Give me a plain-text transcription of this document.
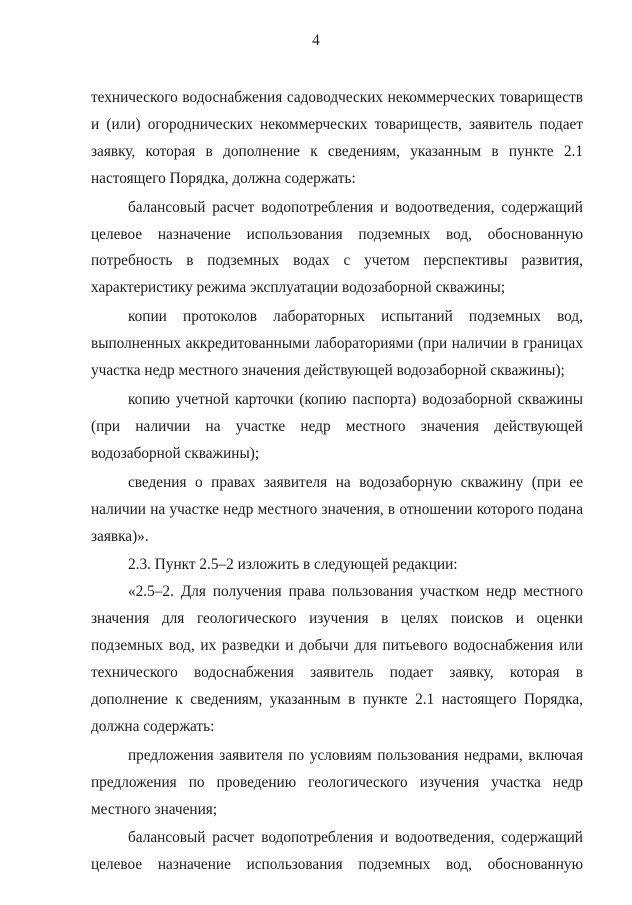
4

технического водоснабжения садоводческих некоммерческих товариществ и (или) огороднических некоммерческих товариществ, заявитель подает заявку, которая в дополнение к сведениям, указанным в пункте 2.1 настоящего Порядка, должна содержать:

балансовый расчет водопотребления и водоотведения, содержащий целевое назначение использования подземных вод, обоснованную потребность в подземных водах с учетом перспективы развития, характеристику режима эксплуатации водозаборной скважины;

копии протоколов лабораторных испытаний подземных вод, выполненных аккредитованными лабораториями (при наличии в границах участка недр местного значения действующей водозаборной скважины);

копию учетной карточки (копию паспорта) водозаборной скважины (при наличии на участке недр местного значения действующей водозаборной скважины);

сведения о правах заявителя на водозаборную скважину (при ее наличии на участке недр местного значения, в отношении которого подана заявка)».

2.3. Пункт 2.5–2 изложить в следующей редакции:

«2.5–2. Для получения права пользования участком недр местного значения для геологического изучения в целях поисков и оценки подземных вод, их разведки и добычи для питьевого водоснабжения или технического водоснабжения заявитель подает заявку, которая в дополнение к сведениям, указанным в пункте 2.1 настоящего Порядка, должна содержать:

предложения заявителя по условиям пользования недрами, включая предложения по проведению геологического изучения участка недр местного значения;

балансовый расчет водопотребления и водоотведения, содержащий целевое назначение использования подземных вод, обоснованную
